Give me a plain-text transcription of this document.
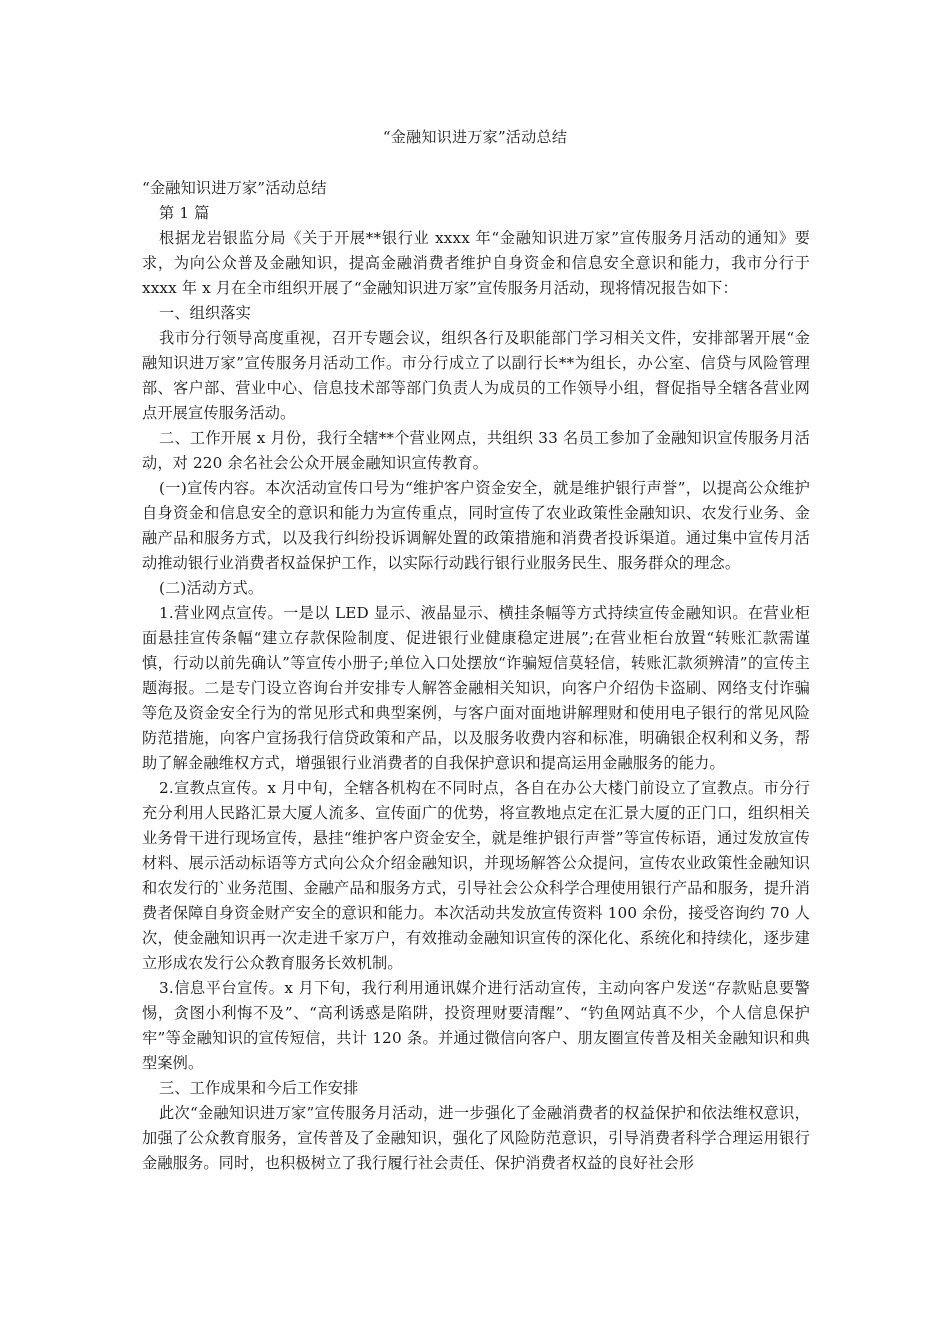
“金融知识进万家”活动总结

“金融知识进万家”活动总结

第 1 篇

根据龙岩银监分局《关于开展**银行业 xxxx 年“金融知识进万家”宣传服务月活动的通知》要求，为向公众普及金融知识，提高金融消费者维护自身资金和信息安全意识和能力，我市分行于 xxxx 年 x 月在全市组织开展了“金融知识进万家”宣传服务月活动，现将情况报告如下：

一、组织落实

我市分行领导高度重视，召开专题会议，组织各行及职能部门学习相关文件，安排部署开展“金融知识进万家”宣传服务月活动工作。市分行成立了以副行长**为组长，办公室、信贷与风险管理部、客户部、营业中心、信息技术部等部门负责人为成员的工作领导小组，督促指导全辖各营业网点开展宣传服务活动。

二、工作开展 x 月份，我行全辖**个营业网点，共组织 33 名员工参加了金融知识宣传服务月活动，对 220 余名社会公众开展金融知识宣传教育。

(一)宣传内容。本次活动宣传口号为“维护客户资金安全，就是维护银行声誉”，以提高公众维护自身资金和信息安全的意识和能力为宣传重点，同时宣传了农业政策性金融知识、农发行业务、金融产品和服务方式，以及我行纠纷投诉调解处置的政策措施和消费者投诉渠道。通过集中宣传月活动推动银行业消费者权益保护工作，以实际行动践行银行业服务民生、服务群众的理念。

(二)活动方式。

1.营业网点宣传。一是以 LED 显示、液晶显示、横挂条幅等方式持续宣传金融知识。在营业柜面悬挂宣传条幅“建立存款保险制度、促进银行业健康稳定进展”;在营业柜台放置“转账汇款需谨慎，行动以前先确认”等宣传小册子;单位入口处摆放“诈骗短信莫轻信，转账汇款须辨清”的宣传主题海报。二是专门设立咨询台并安排专人解答金融相关知识，向客户介绍伪卡盗刷、网络支付诈骗等危及资金安全行为的常见形式和典型案例，与客户面对面地讲解理财和使用电子银行的常见风险防范措施，向客户宣扬我行信贷政策和产品，以及服务收费内容和标准，明确银企权利和义务，帮助了解金融维权方式，增强银行业消费者的自我保护意识和提高运用金融服务的能力。

2.宣教点宣传。x 月中旬，全辖各机构在不同时点，各自在办公大楼门前设立了宣教点。市分行充分利用人民路汇景大厦人流多、宣传面广的优势，将宣教地点定在汇景大厦的正门口，组织相关业务骨干进行现场宣传，悬挂“维护客户资金安全，就是维护银行声誉”等宣传标语，通过发放宣传材料、展示活动标语等方式向公众介绍金融知识，并现场解答公众提问，宣传农业政策性金融知识和农发行的`业务范围、金融产品和服务方式，引导社会公众科学合理使用银行产品和服务，提升消费者保障自身资金财产安全的意识和能力。本次活动共发放宣传资料 100 余份，接受咨询约 70 人次，使金融知识再一次走进千家万户，有效推动金融知识宣传的深化化、系统化和持续化，逐步建立形成农发行公众教育服务长效机制。

3.信息平台宣传。x 月下旬，我行利用通讯媒介进行活动宣传，主动向客户发送“存款贴息要警惕，贪图小利悔不及”、“高利诱惑是陷阱，投资理财要清醒”、“钓鱼网站真不少，个人信息保护牢”等金融知识的宣传短信，共计 120 条。并通过微信向客户、朋友圈宣传普及相关金融知识和典型案例。

三、工作成果和今后工作安排

此次“金融知识进万家”宣传服务月活动，进一步强化了金融消费者的权益保护和依法维权意识，加强了公众教育服务，宣传普及了金融知识，强化了风险防范意识，引导消费者科学合理运用银行金融服务。同时，也积极树立了我行履行社会责任、保护消费者权益的良好社会形
